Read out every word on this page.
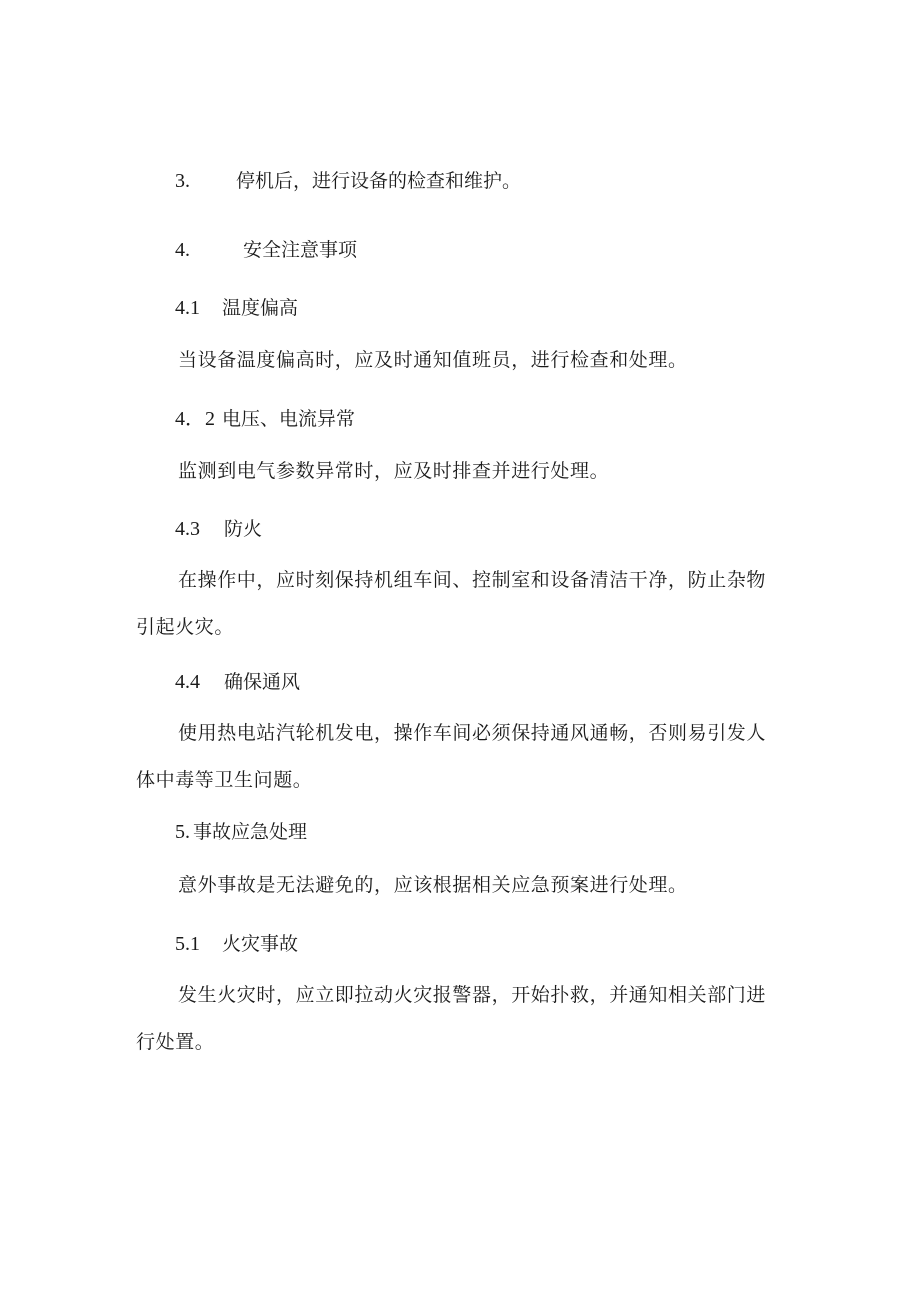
3. 停机后，进行设备的检查和维护。
4.	安全注意事项
4.1 温度偏高
当设备温度偏高时，应及时通知值班员，进行检查和处理。
4．2 电压、电流异常
监测到电气参数异常时，应及时排查并进行处理。
4.3 防火
在操作中，应时刻保持机组车间、控制室和设备清洁干净，防止杂物引起火灾。
4.4 确保通风
使用热电站汽轮机发电，操作车间必须保持通风通畅，否则易引发人体中毒等卫生问题。
5. 事故应急处理
意外事故是无法避免的，应该根据相关应急预案进行处理。
5.1 火灾事故
发生火灾时，应立即拉动火灾报警器，开始扑救，并通知相关部门进行处置。
